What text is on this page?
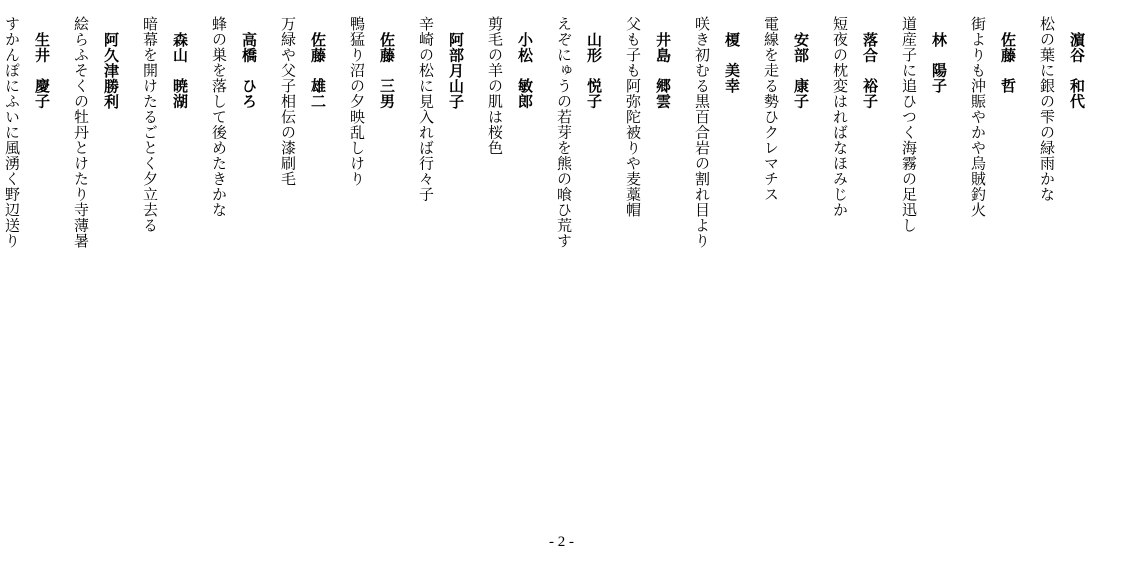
濵谷和代
松の葉に銀の雫の緑雨かな
佐藤哲
街よりも沖賑やかや烏賊釣火
林陽子
道産子に追ひつく海霧の足迅し
落合裕子
短夜の枕変はればなほみじか
安部康子
電線を走る勢ひクレマチス
榎美幸
咲き初むる黒百合岩の割れ目より
井島郷雲
父も子も阿弥陀被りや麦藁帽
山形悦子
えぞにゅうの若芽を熊の喰ひ荒す
小松敏郎
剪毛の羊の肌は桜色
阿部月山子
辛崎の松に見入れば行々子
佐藤三男
鴨猛り沼の夕映乱しけり
佐藤雄二
万緑や父子相伝の漆刷毛
高橋ひろ
蜂の巣を落して後めたきかな
森山暁湖
暗幕を開けたるごとく夕立去る
阿久津勝利
絵らふそくの牡丹とけたり寺薄暑
生井慶子
すかんぽにふいに風湧く野辺送り
- 2 -
